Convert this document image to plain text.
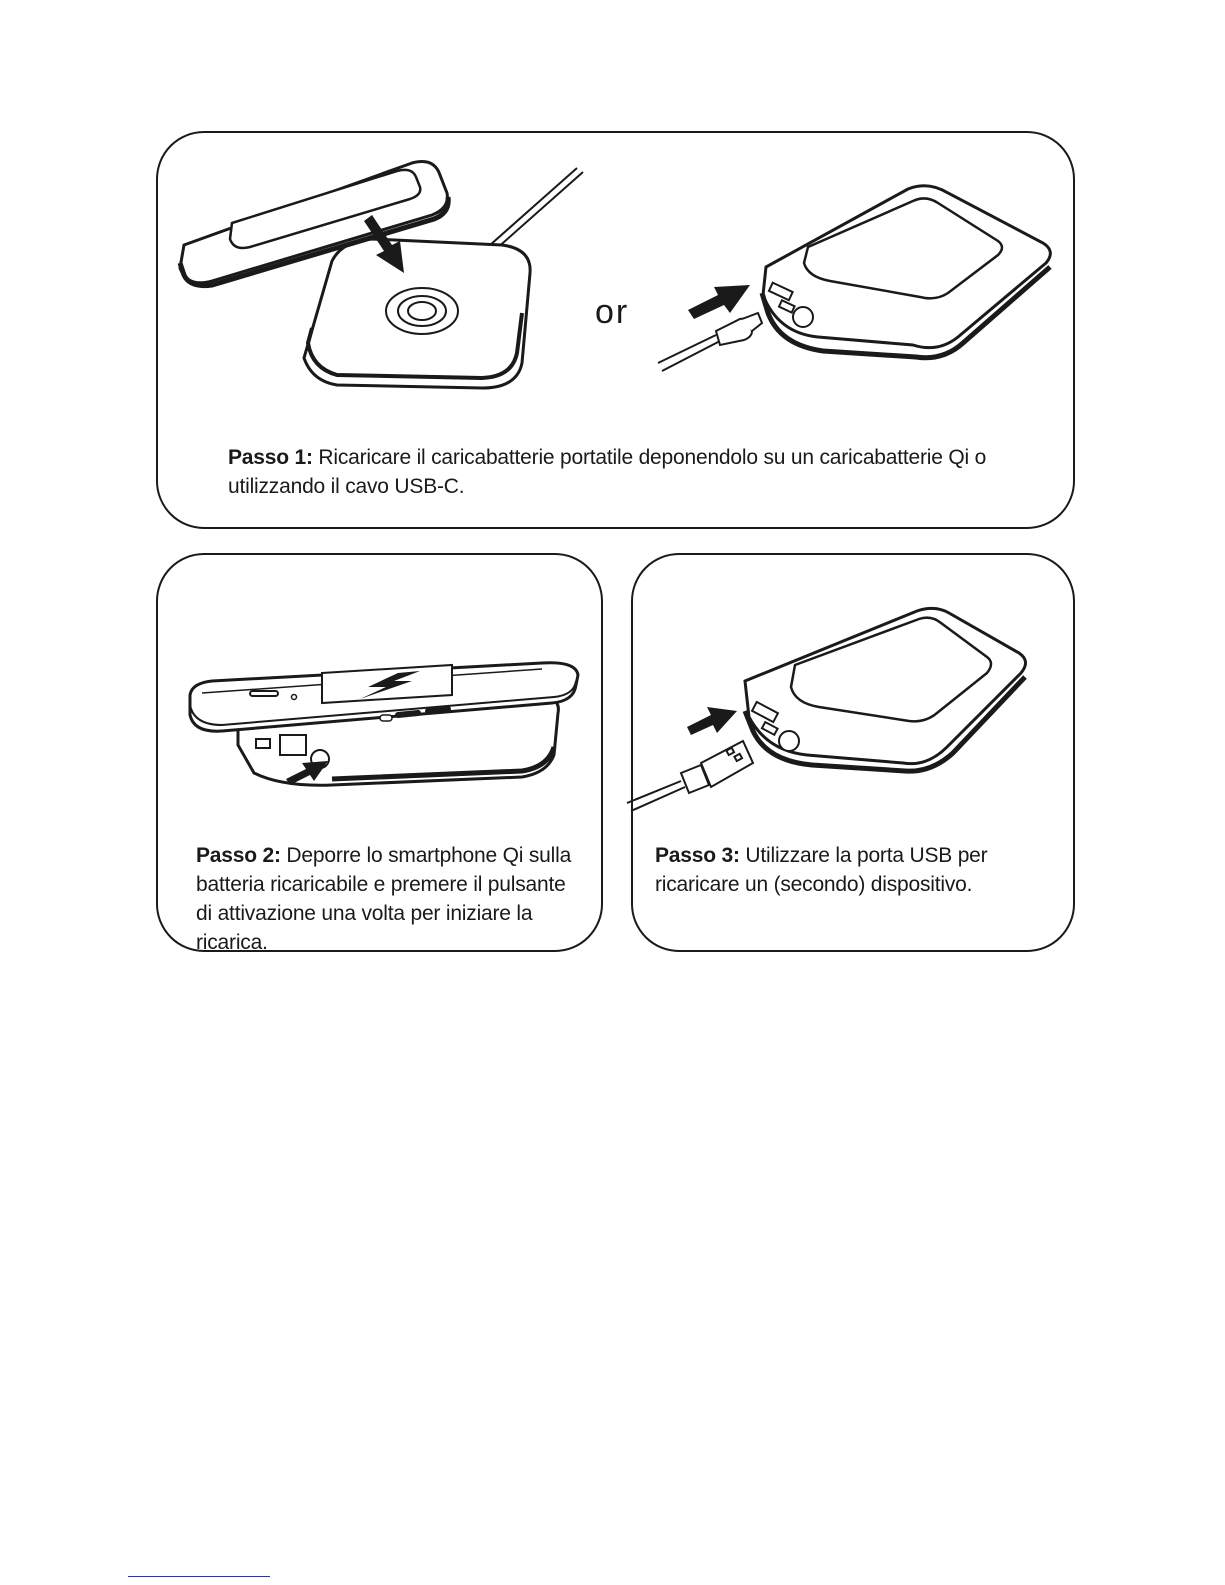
or
Passo 1: Ricaricare il caricabatterie portatile deponendolo su un caricabatterie Qi o utilizzando il cavo USB-C.
Passo 2: Deporre lo smartphone Qi sulla batteria ricaricabile e premere il pulsante di attivazione una volta per iniziare la ricarica.
Passo 3: Utilizzare la porta USB per ricaricare un (secondo) dispositivo.
